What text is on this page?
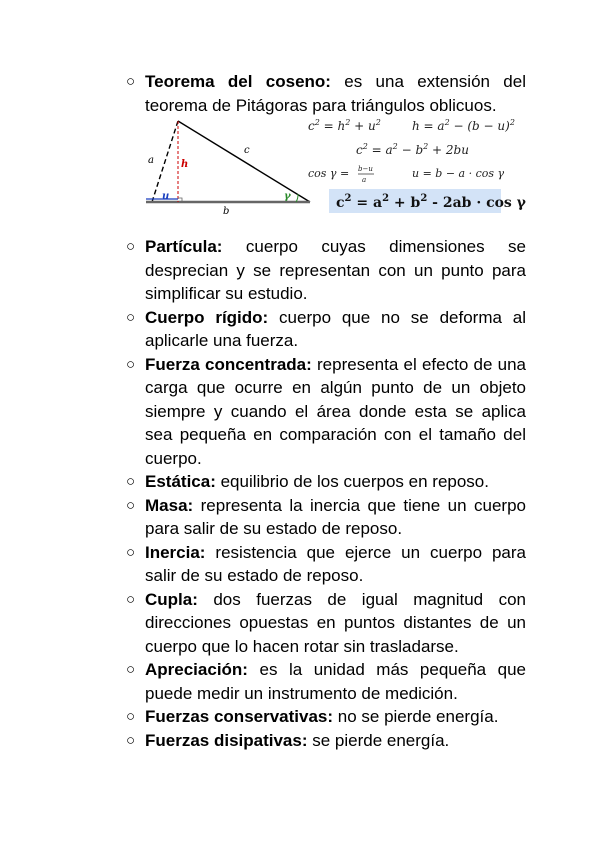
○ Teorema del coseno: es una extensión del teorema de Pitágoras para triángulos oblicuos.
a
c
h
u
b
γ
$c^2 = h^2 + u^2$	$h = a^2 - (b - u)^2$
$c^2 = a^2 - b^2 + 2bu$
cos γ = b−u
a	u = b − a · cos γ
$c^2 = a^2 + b^2 - 2ab \cdot \cos \gamma$
○ Partícula: cuerpo cuyas dimensiones se desprecian y se representan con un punto para simplificar su estudio.
○ Cuerpo rígido: cuerpo que no se deforma al aplicarle una fuerza.
○ Fuerza concentrada: representa el efecto de una carga que ocurre en algún punto de un objeto siempre y cuando el área donde esta se aplica sea pequeña en comparación con el tamaño del cuerpo.
○ Estática: equilibrio de los cuerpos en reposo.
○ Masa: representa la inercia que tiene un cuerpo para salir de su estado de reposo.
○ Inercia: resistencia que ejerce un cuerpo para salir de su estado de reposo.
○ Cupla: dos fuerzas de igual magnitud con direcciones opuestas en puntos distantes de un cuerpo que lo hacen rotar sin trasladarse.
○ Apreciación: es la unidad más pequeña que puede medir un instrumento de medición.
○ Fuerzas conservativas: no se pierde energía.
○ Fuerzas disipativas: se pierde energía.
